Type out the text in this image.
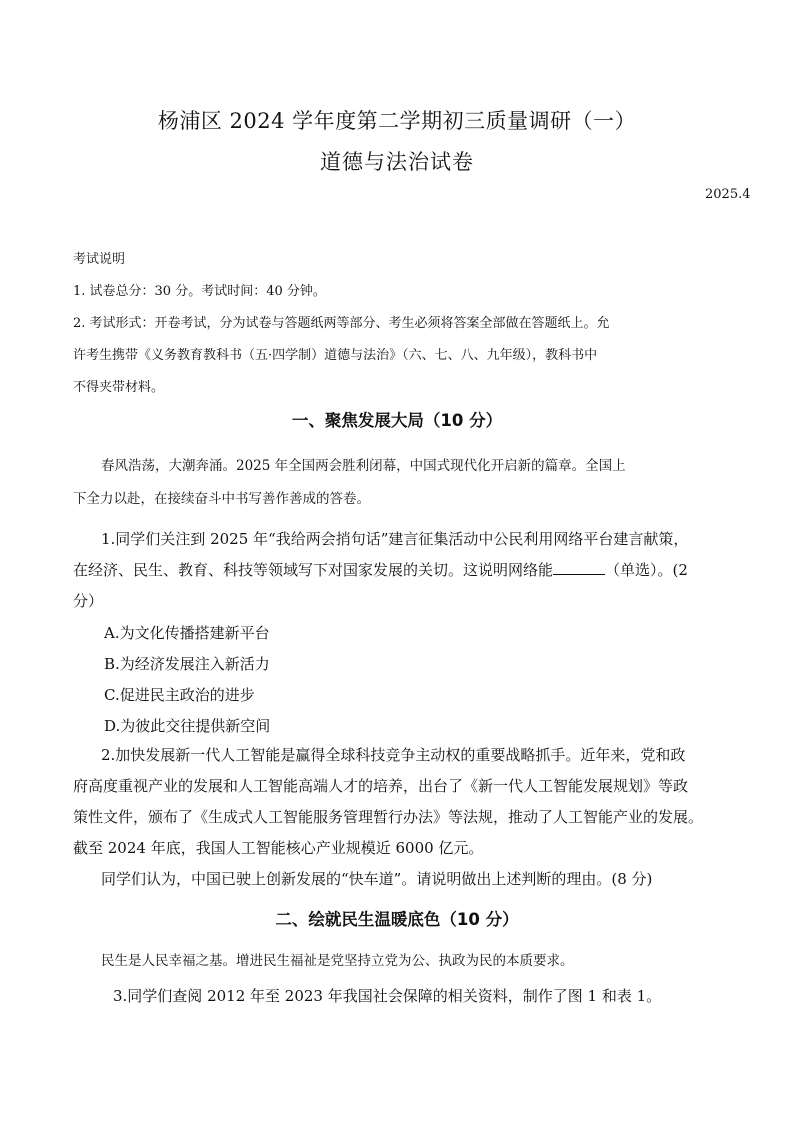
杨浦区 2024 学年度第二学期初三质量调研（一）
道德与法治试卷
2025.4
考试说明
1. 试卷总分：30 分。考试时间：40 分钟。
2. 考试形式：开卷考试，分为试卷与答题纸两等部分、考生必须将答案全部做在答题纸上。允
许考生携带《义务教育教科书（五·四学制）道德与法治》（六、七、八、九年级），教科书中
不得夹带材料。
一、聚焦发展大局（10 分）
春风浩荡，大潮奔涌。2025 年全国两会胜利闭幕，中国式现代化开启新的篇章。全国上
下全力以赴，在接续奋斗中书写善作善成的答卷。
1.同学们关注到 2025 年“我给两会捎句话”建言征集活动中公民利用网络平台建言献策，
在经济、民生、教育、科技等领域写下对国家发展的关切。这说明网络能	（单选）。(2
分）
A.为文化传播搭建新平台
B.为经济发展注入新活力
C.促进民主政治的进步
D.为彼此交往提供新空间
2.加快发展新一代人工智能是赢得全球科技竞争主动权的重要战略抓手。近年来，党和政
府高度重视产业的发展和人工智能高端人才的培养，出台了《新一代人工智能发展规划》等政
策性文件，颁布了《生成式人工智能服务管理暂行办法》等法规，推动了人工智能产业的发展。
截至 2024 年底，我国人工智能核心产业规模近 6000 亿元。
同学们认为，中国已驶上创新发展的“快车道”。请说明做出上述判断的理由。(8 分)
二、绘就民生温暖底色（10 分）
民生是人民幸福之基。增进民生福祉是党坚持立党为公、执政为民的本质要求。
3.同学们查阅 2012 年至 2023 年我国社会保障的相关资料，制作了图 1 和表 1。
